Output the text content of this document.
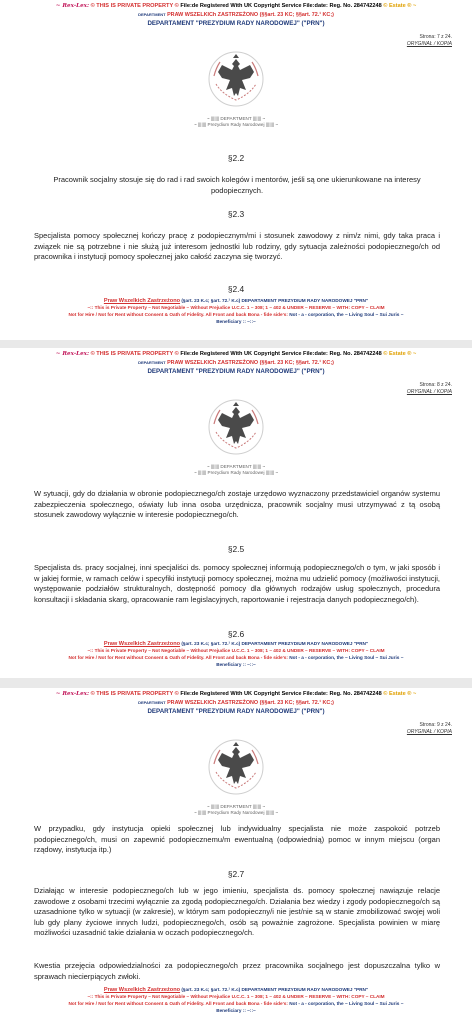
~ Rex-Lex: © THIS IS PRIVATE PROPERTY © File:de Registered With UK Copyright Service File:date: Reg. No. 284742248 © Estate ® ~
DEPARTMENT PRAW WSZELKICh ZASTRZEŻONO (§§art. 23 KC; §§art. 72.¹ KC;)
DEPARTAMENT "PREZYDIUM RADY NARODOWEJ" ("PRN")
Strona: 7 z 24.
ORYGINAŁ / KOPIA
~ ||||||| DEPARTMENT ||||||| ~
~ ||||||| Prezydium Rady Narodowej ||||||| ~
§2.2
Pracownik socjalny stosuje się do rad i rad swoich kolegów i mentorów, jeśli są one ukierunkowane na interesy podopiecznych.
§2.3
Specjalista pomocy społecznej kończy pracę z podopiecznym/mi i stosunek zawodowy z nim/z nimi, gdy taka praca i związek nie są potrzebne i nie służą już interesom jednostki lub rodziny, gdy sytuacja zależności podopiecznego/ch od pracownika i instytucji pomocy społecznej jako całość zaczyna się tworzyć.
§2.4
Praw Wszelkich Zastrzeżono (§art. 23 K.c; §art. 72.¹ K.c) DEPARTAMENT PREZYDIUM RADY NARODOWEJ "PRN"
~:: This is Private Property – Not Negotiable – Without Prejudice U.C.C. 1 – 308; 1 – 402 & UNDER – RESERVE – WITH: COPY – CLAIM
Not for Hire / Not for Rent without Consent & Oath of Fidelity. All Front and back Bona - fide side's: Not - a - corporation, the ~ Living Soul ~ Sui Juris ~
Beneficiary :: ~::~
~ Rex-Lex: © THIS IS PRIVATE PROPERTY © File:de Registered With UK Copyright Service File:date: Reg. No. 284742248 © Estate ® ~
DEPARTMENT PRAW WSZELKICh ZASTRZEŻONO (§§art. 23 KC; §§art. 72.¹ KC;)
DEPARTAMENT "PREZYDIUM RADY NARODOWEJ" ("PRN")
Strona: 8 z 24.
ORYGINAŁ / KOPIA
~ ||||||| DEPARTMENT ||||||| ~
~ ||||||| Prezydium Rady Narodowej ||||||| ~
W sytuacji, gdy do działania w obronie podopiecznego/ch zostaje urzędowo wyznaczony przedstawiciel organów systemu zabezpieczenia społecznego, oświaty lub inna osoba urzędnicza, pracownik socjalny musi utrzymywać z tą osobą stosunek zawodowy wyłącznie w interesie podopiecznego/ch.
§2.5
Specjalista ds. pracy socjalnej, inni specjaliści ds. pomocy społecznej informują podopiecznego/ch o tym, w jaki sposób i w jakiej formie, w ramach celów i specyfiki instytucji pomocy społecznej, można mu udzielić pomocy (możliwości instytucji, występowanie podziałów strukturalnych, dostępność pomocy dla głównych rodzajów usług społecznych, procedura konsultacji i składania skarg, opracowanie ram legislacyjnych, raportowanie i rejestracja danych podopiecznego/ch).
§2.6
Praw Wszelkich Zastrzeżono (§art. 23 K.c; §art. 72.¹ K.c) DEPARTAMENT PREZYDIUM RADY NARODOWEJ "PRN"
~:: This is Private Property – Not Negotiable – Without Prejudice U.C.C. 1 – 308; 1 – 402 & UNDER – RESERVE – WITH: COPY – CLAIM
Not for Hire / Not for Rent without Consent & Oath of Fidelity. All Front and back Bona - fide side's: Not - a - corporation, the ~ Living Soul ~ Sui Juris ~
Beneficiary :: ~::~
~ Rex-Lex: © THIS IS PRIVATE PROPERTY © File:de Registered With UK Copyright Service File:date: Reg. No. 284742248 © Estate ® ~
DEPARTMENT PRAW WSZELKICh ZASTRZEŻONO (§§art. 23 KC; §§art. 72.¹ KC;)
DEPARTAMENT "PREZYDIUM RADY NARODOWEJ" ("PRN")
Strona: 9 z 24.
ORYGINAŁ / KOPIA
~ ||||||| DEPARTMENT ||||||| ~
~ ||||||| Prezydium Rady Narodowej ||||||| ~
W przypadku, gdy instytucja opieki społecznej lub indywidualny specjalista nie może zaspokoić potrzeb podopiecznego/ch, musi on zapewnić podopiecznemu/m ewentualną (odpowiednią) pomoc w innym miejscu (organ rządowy, instytucja itp.)
§2.7
Działając w interesie podopiecznego/ch lub w jego imieniu, specjalista ds. pomocy społecznej nawiązuje relacje zawodowe z osobami trzecimi wyłącznie za zgodą podopiecznego/ch. Działania bez wiedzy i zgody podopiecznego/ch są uzasadnione tylko w sytuacji (w zakresie), w którym sam podopieczny/i nie jest/nie są w stanie zmobilizować swojej woli lub gdy plany życiowe innych ludzi, podopiecznego/ch, osób są poważnie zagrożone. Specjalista powinien w miarę możliwości uzasadnić takie działania w oczach podopiecznego/ch.
Kwestia przejęcia odpowiedzialności za podopiecznego/ch przez pracownika socjalnego jest dopuszczalna tylko w sprawach niecierpiących zwłoki.
Praw Wszelkich Zastrzeżono (§art. 23 K.c; §art. 72.¹ K.c) DEPARTAMENT PREZYDIUM RADY NARODOWEJ "PRN"
~:: This is Private Property – Not Negotiable – Without Prejudice U.C.C. 1 – 308; 1 – 402 & UNDER – RESERVE – WITH: COPY – CLAIM
Not for Hire / Not for Rent without Consent & Oath of Fidelity. All Front and back Bona - fide side's: Not - a - corporation, the ~ Living Soul ~ Sui Juris ~
Beneficiary :: ~::~
